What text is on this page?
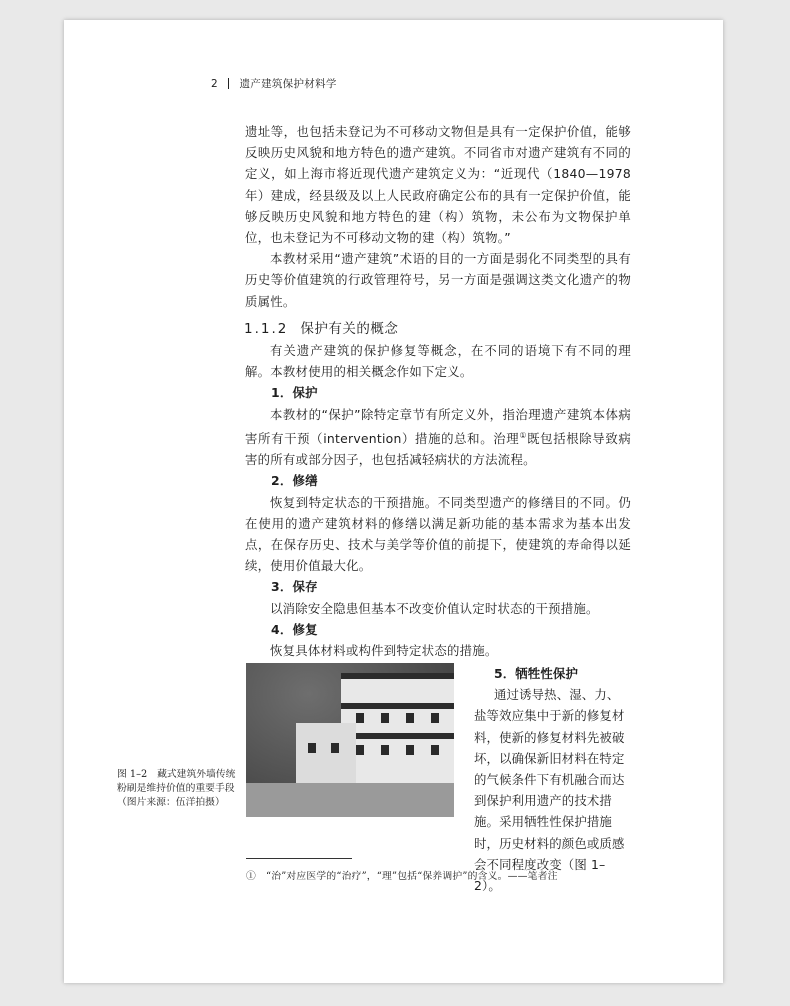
2 遗产建筑保护材料学

遗址等，也包括未登记为不可移动文物但是具有一定保护价值，能够反映历史风貌和地方特色的遗产建筑。不同省市对遗产建筑有不同的定义，如上海市将近现代遗产建筑定义为：“近现代（1840—1978年）建成，经县级及以上人民政府确定公布的具有一定保护价值，能够反映历史风貌和地方特色的建（构）筑物，未公布为文物保护单位，也未登记为不可移动文物的建（构）筑物。”

本教材采用“遗产建筑”术语的目的一方面是弱化不同类型的具有历史等价值建筑的行政管理符号，另一方面是强调这类文化遗产的物质属性。

1.1.2 保护有关的概念

有关遗产建筑的保护修复等概念，在不同的语境下有不同的理解。本教材使用的相关概念作如下定义。

1．保护

本教材的“保护”除特定章节有所定义外，指治理遗产建筑本体病害所有干预（intervention）措施的总和。治理①既包括根除导致病害的所有或部分因子，也包括减轻病状的方法流程。

2．修缮

恢复到特定状态的干预措施。不同类型遗产的修缮目的不同。仍在使用的遗产建筑材料的修缮以满足新功能的基本需求为基本出发点，在保存历史、技术与美学等价值的前提下，使建筑的寿命得以延续，使用价值最大化。

3．保存

以消除安全隐患但基本不改变价值认定时状态的干预措施。

4．修复

恢复具体材料或构件到特定状态的措施。

5．牺牲性保护

通过诱导热、湿、力、盐等效应集中于新的修复材料，使新的修复材料先被破坏，以确保新旧材料在特定的气候条件下有机融合而达到保护利用遗产的技术措施。采用牺牲性保护措施时，历史材料的颜色或质感会不同程度改变（图 1–2）。

图 1–2　藏式建筑外墙传统粉刷是维持价值的重要手段
（图片来源：伍洋拍摄）
①　“治”对应医学的“治疗”，“理”包括“保养调护”的含义。——笔者注
